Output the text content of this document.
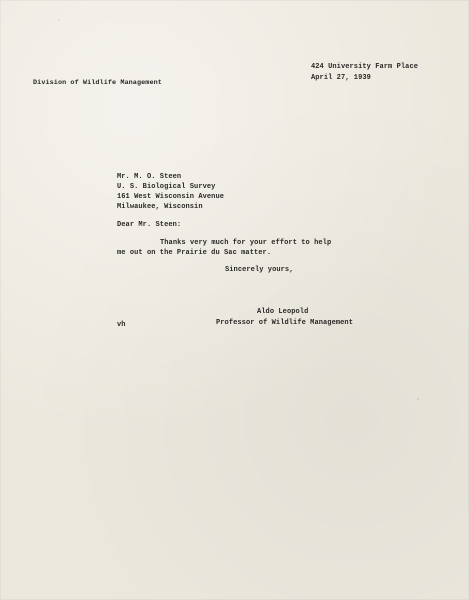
Division of Wildlife Management

424 University Farm Place

April 27, 1939

Mr. M. O. Steen

U. S. Biological Survey

161 West Wisconsin Avenue

Milwaukee, Wisconsin

Dear Mr. Steen:

Thanks very much for your effort to help

me out on the Prairie du Sac matter.

Sincerely yours,

Aldo Leopold

Professor of Wildlife Management

vh
